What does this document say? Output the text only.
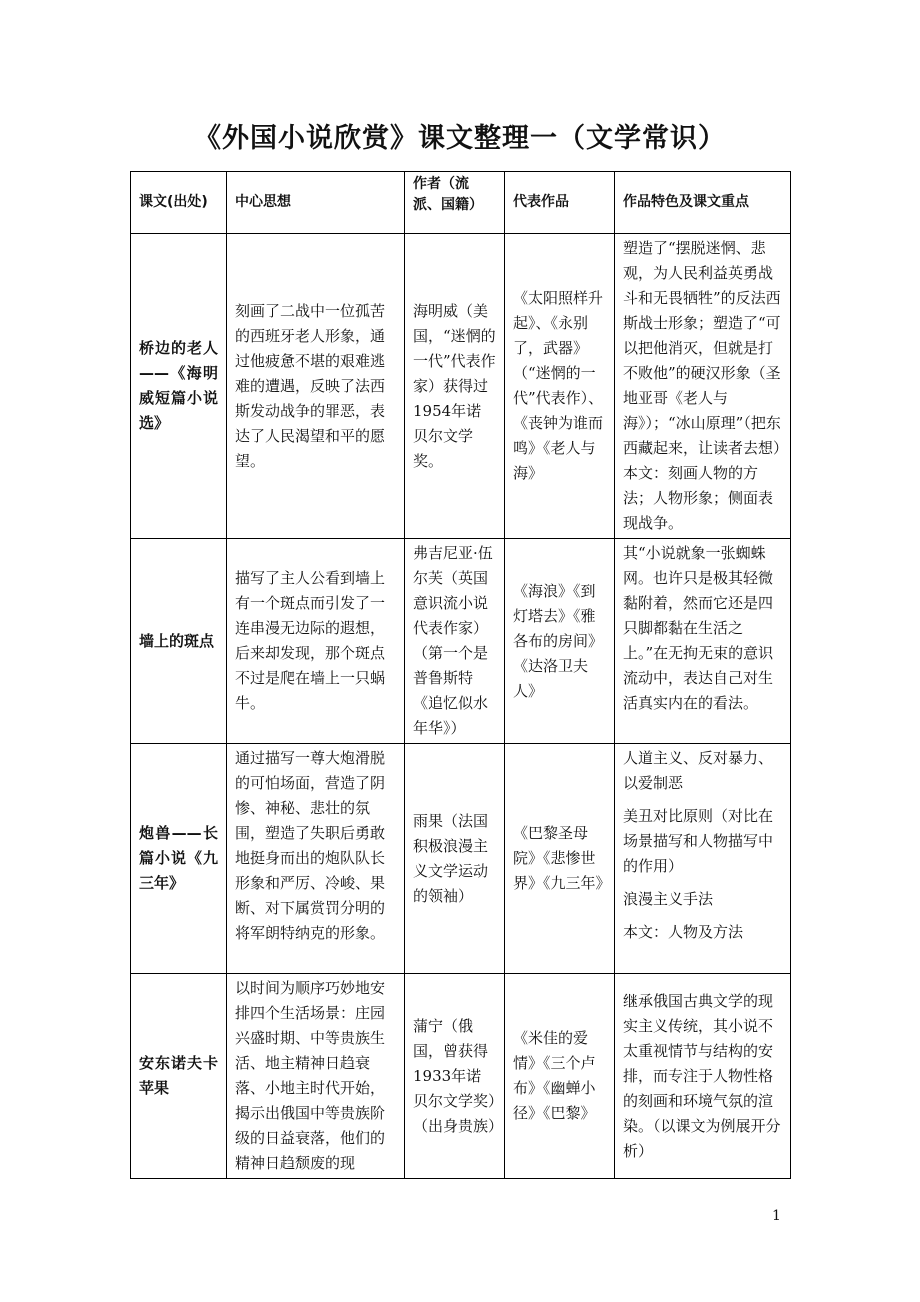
《外国小说欣赏》课文整理一（文学常识）
课文(出处)	中心思想	作者（流派、国籍）	代表作品	作品特色及课文重点
桥边的老人——《海明威短篇小说选》	刻画了二战中一位孤苦的西班牙老人形象，通过他疲惫不堪的艰难逃难的遭遇，反映了法西斯发动战争的罪恶，表达了人民渴望和平的愿望。	海明威（美国，“迷惘的一代”代表作家）获得过1954年诺贝尔文学奖。	《太阳照样升起》、《永别了，武器》（“迷惘的一代”代表作）、《丧钟为谁而鸣》《老人与海》	塑造了“摆脱迷惘、悲观，为人民利益英勇战斗和无畏牺牲”的反法西斯战士形象；塑造了“可以把他消灭，但就是打不败他”的硬汉形象（圣地亚哥《老人与海》）；“冰山原理”（把东西藏起来，让读者去想）本文：刻画人物的方法；人物形象；侧面表现战争。

墙上的斑点	描写了主人公看到墙上有一个斑点而引发了一连串漫无边际的遐想，后来却发现，那个斑点不过是爬在墙上一只蜗牛。	弗吉尼亚·伍尔芙（英国意识流小说代表作家）（第一个是普鲁斯特《追忆似水年华》）	《海浪》《到灯塔去》《雅各布的房间》《达洛卫夫人》	其“小说就象一张蜘蛛网。也许只是极其轻微黏附着，然而它还是四只脚都黏在生活之上。”在无拘无束的意识流动中，表达自己对生活真实内在的看法。

炮兽——长篇小说《九三年》	通过描写一尊大炮滑脱的可怕场面，营造了阴惨、神秘、悲壮的氛围，塑造了失职后勇敢地挺身而出的炮队队长形象和严厉、冷峻、果断、对下属赏罚分明的将军朗特纳克的形象。	雨果（法国积极浪漫主义文学运动的领袖）	《巴黎圣母院》《悲惨世界》《九三年》	人道主义、反对暴力、以爱制恶
美丑对比原则（对比在场景描写和人物描写中的作用）
浪漫主义手法
本文：人物及方法

安东诺夫卡苹果	以时间为顺序巧妙地安排四个生活场景：庄园兴盛时期、中等贵族生活、地主精神日趋衰落、小地主时代开始，揭示出俄国中等贵族阶级的日益衰落，他们的精神日趋颓废的现	蒲宁（俄国，曾获得1933年诺贝尔文学奖）（出身贵族）	《米佳的爱情》《三个卢布》《幽蝉小径》《巴黎》	继承俄国古典文学的现实主义传统，其小说不太重视情节与结构的安排，而专注于人物性格的刻画和环境气氛的渲染。（以课文为例展开分析）
1
